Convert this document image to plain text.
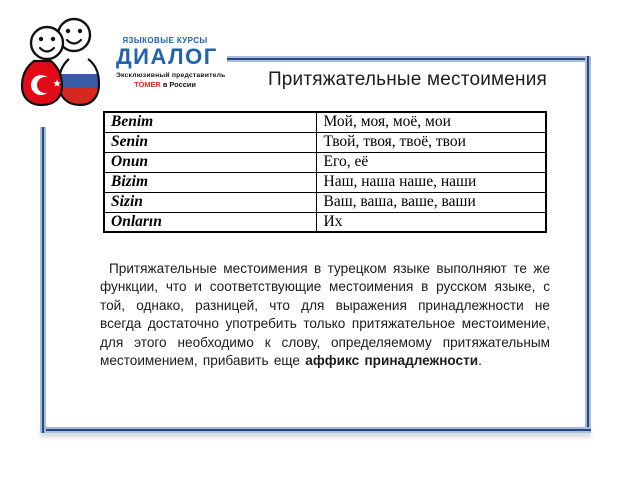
ЯЗЫКОВЫЕ КУРСЫ
ДИАЛОГ
Эксклюзивный представитель
TÖMER в России	Притяжательные местоимения
Benim	Мой, моя, моё, мои
Senin	Твой, твоя, твоё, твои
Onun	Его, её
Bizim	Наш, наша наше, наши
Sizin	Ваш, ваша, ваше, ваши
Onların	Их

Притяжательные местоимения в турецком языке выполняют те же функции, что и соответствующие местоимения в русском языке, с той, однако, разницей, что для выражения принадлежности не всегда достаточно употребить только притяжательное местоимение, для этого необходимо к слову, определяемому притяжательным местоимением, прибавить еще аффикс принадлежности.
